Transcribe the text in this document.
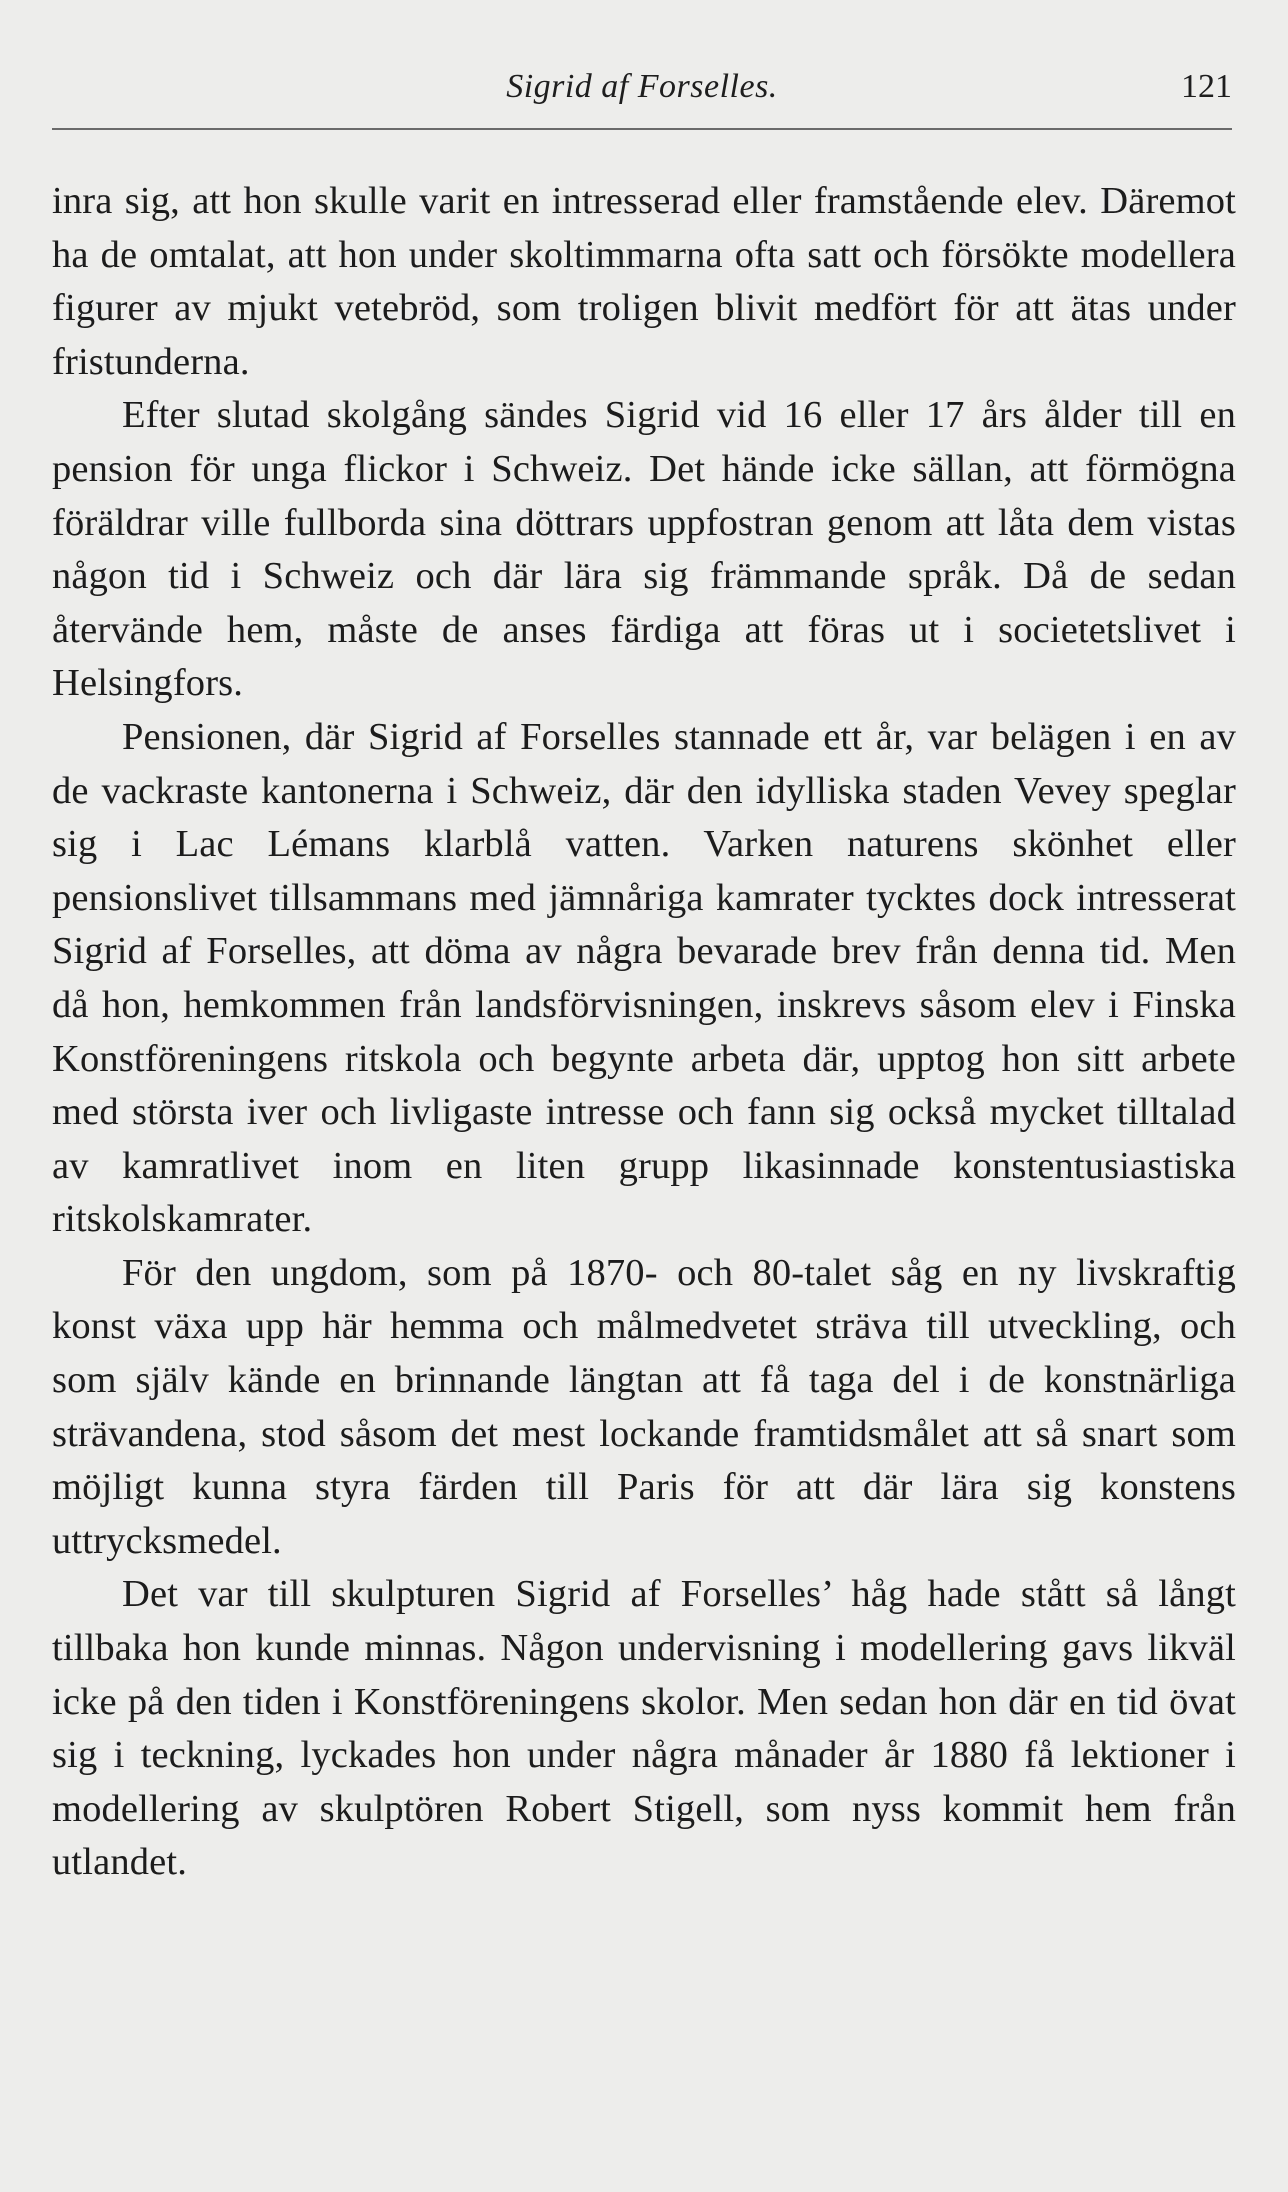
Sigrid af Forselles.	121

inra sig, att hon skulle varit en intresserad eller framstående elev. Däremot ha de omtalat, att hon under skoltimmarna ofta satt och försökte modellera figurer av mjukt vetebröd, som troligen blivit medfört för att ätas under fristunderna.

Efter slutad skolgång sändes Sigrid vid 16 eller 17 års ålder till en pension för unga flickor i Schweiz. Det hände icke sällan, att förmögna föräldrar ville fullborda sina döttrars uppfostran genom att låta dem vistas någon tid i Schweiz och där lära sig främmande språk. Då de sedan återvände hem, måste de anses färdiga att föras ut i societetslivet i Helsingfors.

Pensionen, där Sigrid af Forselles stannade ett år, var belägen i en av de vackraste kantonerna i Schweiz, där den idylliska staden Vevey speglar sig i Lac Lémans klarblå vatten. Varken naturens skönhet eller pensionslivet tillsammans med jämnåriga kamrater tycktes dock intresserat Sigrid af Forselles, att döma av några bevarade brev från denna tid. Men då hon, hemkommen från landsförvisningen, inskrevs såsom elev i Finska Konstföreningens ritskola och begynte arbeta där, upptog hon sitt arbete med största iver och livligaste intresse och fann sig också mycket tilltalad av kamratlivet inom en liten grupp likasinnade konstentusiastiska ritskolskamrater.

För den ungdom, som på 1870- och 80-talet såg en ny livskraftig konst växa upp här hemma och målmedvetet sträva till utveckling, och som själv kände en brinnande längtan att få taga del i de konstnärliga strävandena, stod såsom det mest lockande framtidsmålet att så snart som möjligt kunna styra färden till Paris för att där lära sig konstens uttrycksmedel.

Det var till skulpturen Sigrid af Forselles’ håg hade stått så långt tillbaka hon kunde minnas. Någon undervisning i modellering gavs likväl icke på den tiden i Konstföreningens skolor. Men sedan hon där en tid övat sig i teckning, lyckades hon under några månader år 1880 få lektioner i modellering av skulptören Robert Stigell, som nyss kommit hem från utlandet.
